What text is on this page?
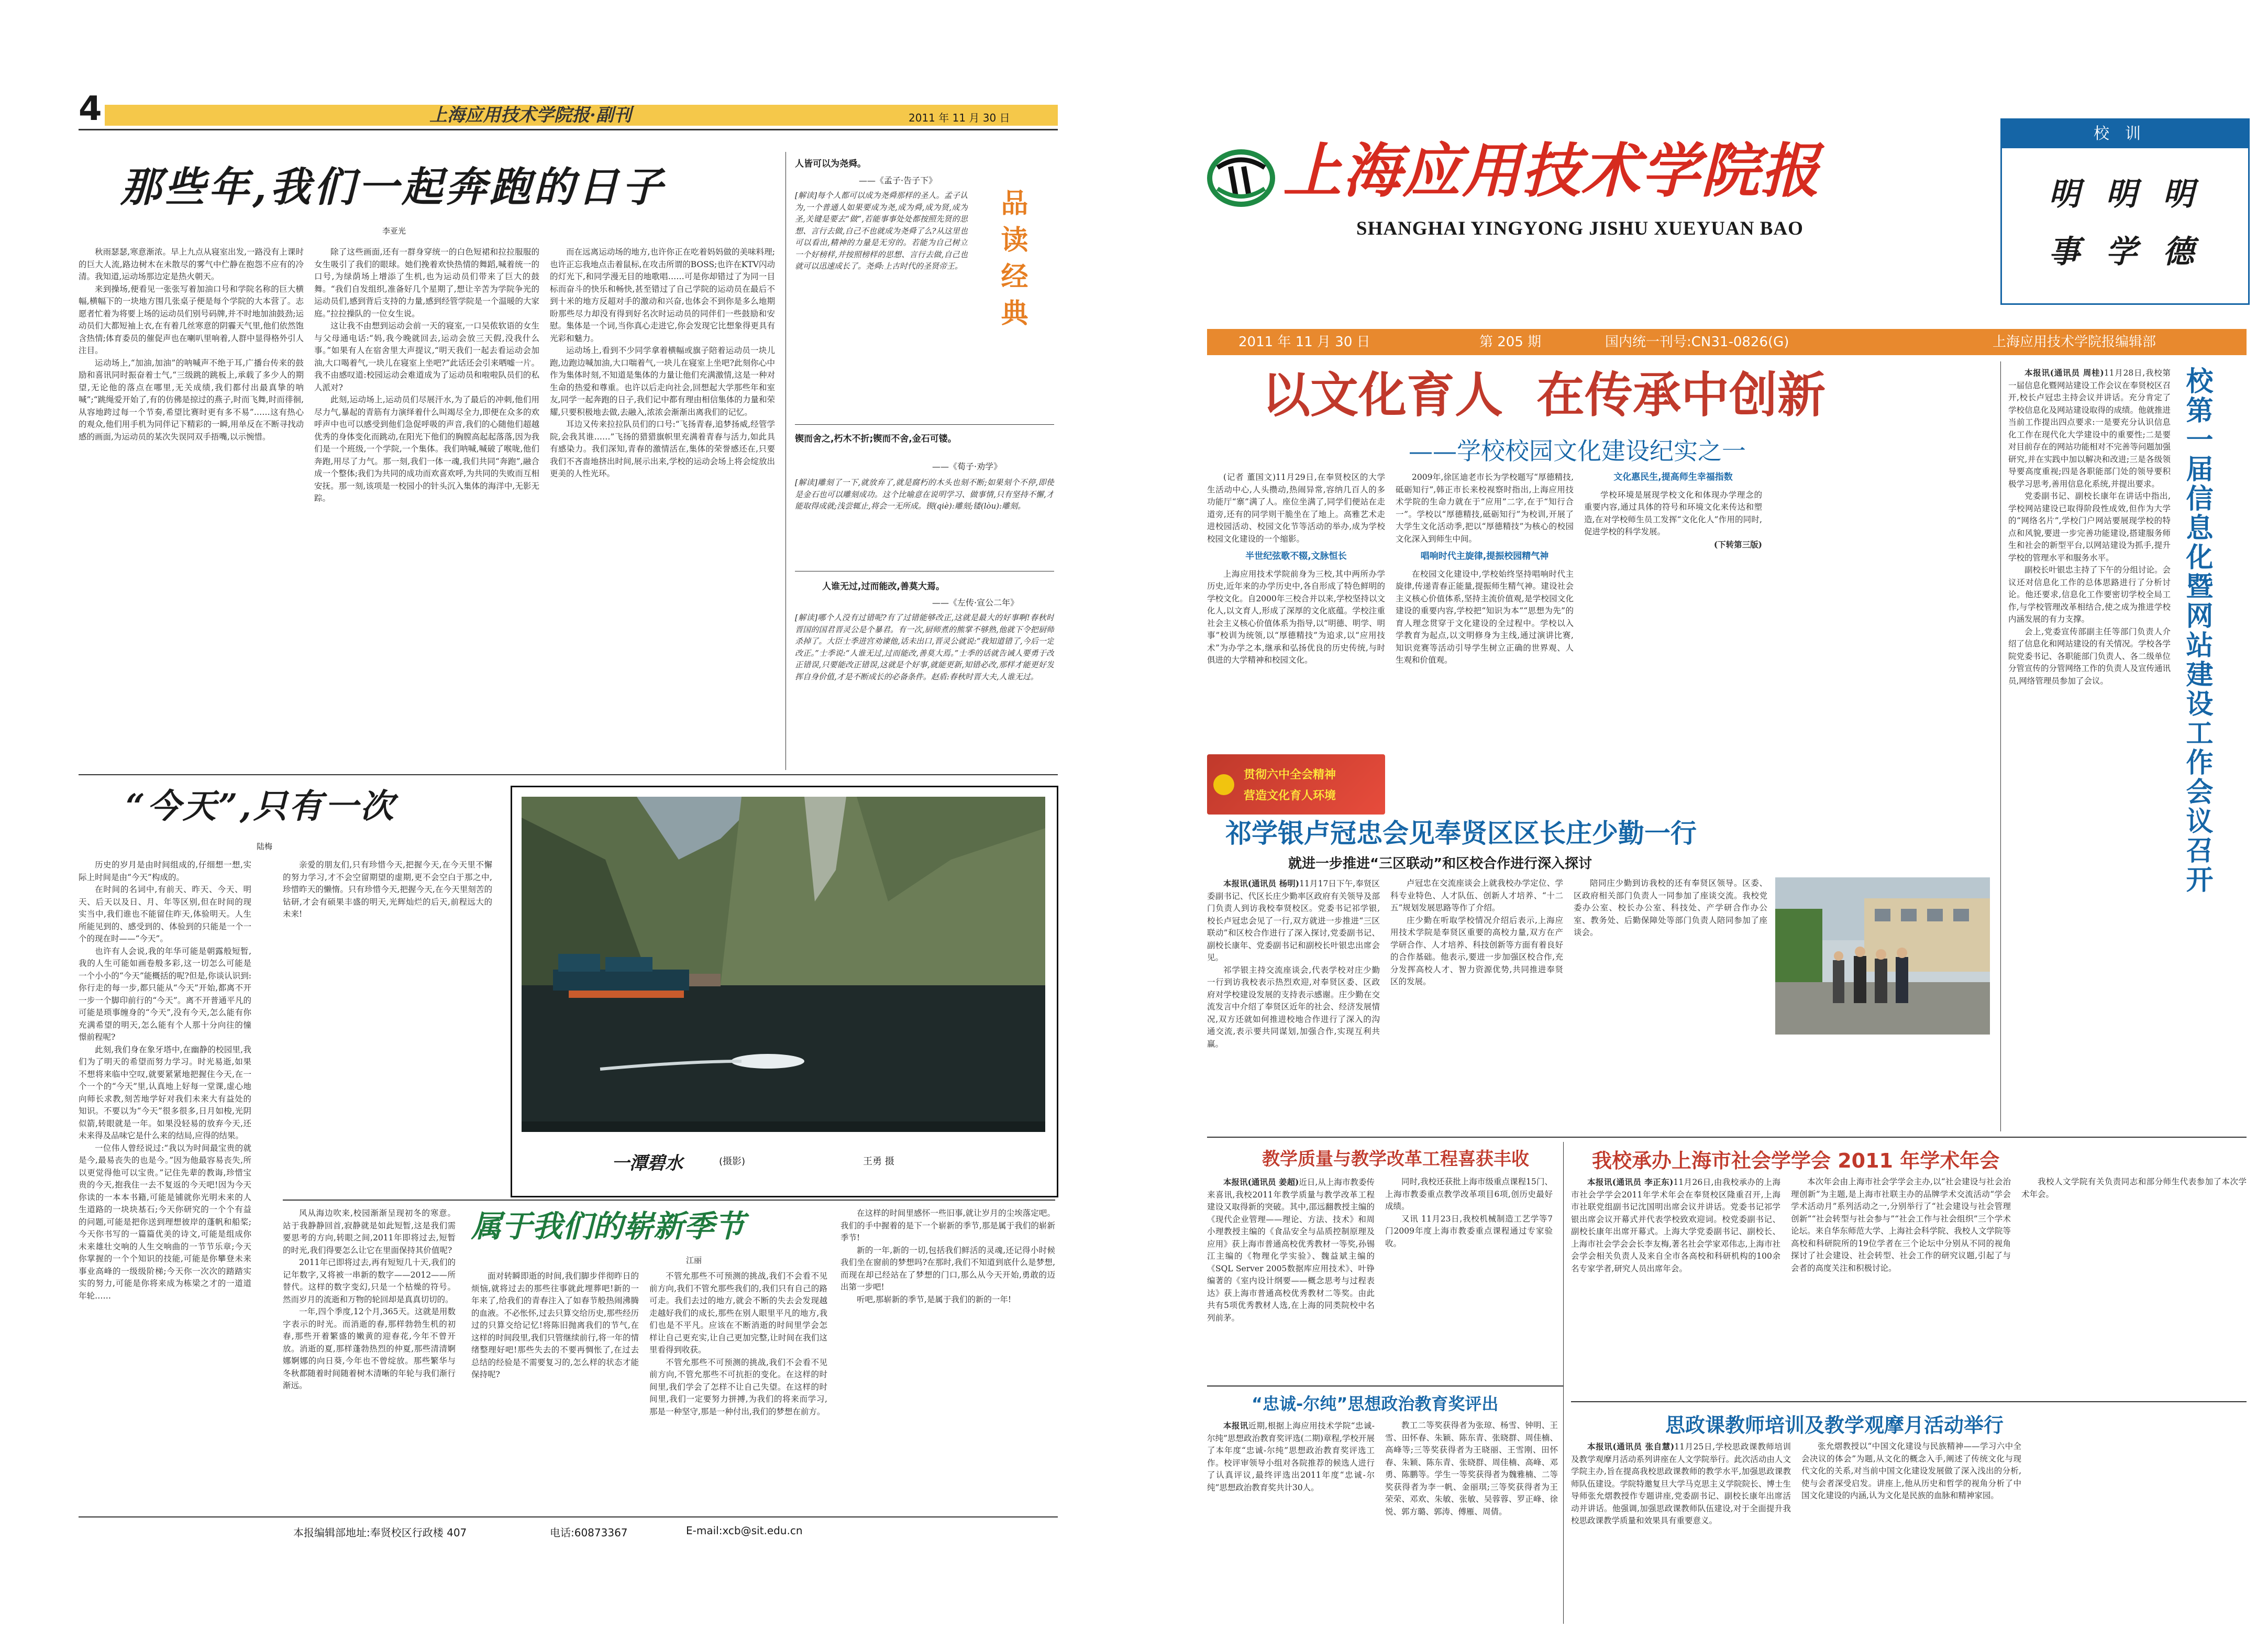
4	上海应用技术学院报·副刊	2011 年 11 月 30 日
那些年,我们一起奔跑的日子
李亚光

秋雨瑟瑟,寒意渐浓。早上九点从寝室出发,一路没有上课时的巨大人流,路边树木在未散尽的雾气中伫静在抱怨不应有的冷清。我知道,运动场那边定是热火朝天。

来到操场,便看见一张张写着加油口号和学院名称的巨大横幅,横幅下的一块地方围几张桌子便是每个学院的大本营了。志愿者忙着为将要上场的运动员们别号码牌,并不时地加油鼓劲;运动员们大都短袖上衣,在有着几丝寒意的阴霾天气里,他们依然饱含热情;体育委员的催促声也在喇叭里响着,人群中显得格外引人注目。

运动场上,“加油,加油”的呐喊声不绝于耳,广播台传来的鼓励和喜讯同时振奋着士气,“三级跳的跳板上,承载了多少人的期望,无论他的落点在哪里,无关成绩,我们都付出最真挚的呐喊”;“跳绳爱开始了,有的仿佛是掠过的燕子,时而飞舞,时而徘徊,从容地跨过每一个节奏,希望比赛时更有多不易”……这有热心的观众,他们用手机为同伴记下精彩的一瞬,用单反在不断寻找动感的画面,为运动员的某次失误同双手捂嘴,以示惋惜。

除了这些画面,还有一群身穿统一的白色短裙和拉拉服服的女生吸引了我们的眼球。她们挽着欢快热情的舞蹈,喊着统一的口号,为绿荫场上增添了生机,也为运动员们带来了巨大的鼓舞。“我们自发组织,准备好几个星期了,想让辛苦为学院争光的运动员们,感到背后支持的力量,感到经管学院是一个温暖的大家庭。”拉拉操队的一位女生说。

这让我不由想到运动会前一天的寝室,一口吴侬软语的女生与父母通电话:“妈,我今晚就回去,运动会放三天假,没我什么事。”如果有人在宿舍里大声提议,“明天我们一起去看运动会加油,大口喝着气,一块儿在寝室上坐吧?”此话还会引来哂嘘一片。我不由感叹道:校园运动会难道成为了运动员和啦啦队员们的私人派对?

此刻,运动场上,运动员们尽展汗水,为了最后的冲刺,他们用尽力气,暴起的青筋有力演绎着什么叫竭尽全力,即便在众多的欢呼声中也可以感受到他们急促呼吸的声音,我们的心随他们超越优秀的身体变化而跳动,在阳光下他们的胸膛高起起落落,因为我们是一个班级,一个学院,一个集体。我们呐喊,喊破了喉咙,他们奔跑,用尽了力气。那一刻,我们一体一魂,我们共同“奔跑”,融合成一个整体;我们为共同的成功而欢喜欢呼,为共同的失败而互相安抚。那一刻,该项是一校园小的针头沉入集体的海洋中,无影无踪。

而在远离运动场的地方,也许你正在吃着妈妈做的美味料理;也许正忘我地点击着鼠标,在攻击所谓的BOSS;也许在KTV闪动的灯光下,和同学漫无目的地歌唱……可是你却错过了为同一目标而奋斗的快乐和畅快,甚至错过了自己学院的运动员在最后不到十米的地方反超对手的激动和兴奋,也体会不到你是多么地期盼那些尽力却没有得到好名次时运动员的同伴们一些鼓励和安慰。集体是一个词,当你真心走进它,你会发现它比想象得更具有光彩和魅力。

运动场上,看到不少同学拿着横幅或旗子陪着运动员一块儿跑,边跑边喊加油,大口喘着气,一块儿在寝室上坐吧?此刻你心中作为集体时刻,不知道是集体的力量让他们充满激情,这是一种对生命的热爱和尊重。也许以后走向社会,回想起大学那些年和室友,同学一起奔跑的日子,我们记中都有理由相信集体的力量和荣耀,只要积极地去做,去融入,浓浓会渐渐出离我们的记忆。

耳边又传来拉拉队员们的口号:“飞扬青春,追梦扬威,经管学院,会我其谁……”飞扬的猎猎旗帜里充满着青春与活力,如此具有感染力。我们深知,青春的激情活在,集体的荣誉感还在,只要我们不吝啬地挤出时间,展示出来,学校的运动会场上将会绽放出更美的人性光环。

人皆可以为尧舜。
——《孟子·告子下》
[解读]每个人都可以成为尧舜那样的圣人。孟子认为,一个普通人如果要成为尧,成为舜,成为贤,成为圣,关键是要去“做”,若能事事处处都按照先贤的思想、言行去做,自己不也就成为尧舜了么?从这里也可以看出,精神的力量是无穷的。若能为自己树立一个好榜样,并按照榜样的思想、言行去做,自己也就可以迅速成长了。尧舜:上古时代的圣贤帝王。 品读经典
锲而舍之,朽木不折;锲而不舍,金石可镂。
——《荀子·劝学》
[解读]雕刻了一下,就放弃了,就是腐朽的木头也刻不断;如果刻个不停,即使是金石也可以雕刻成功。这个比喻意在说明学习、做事情,只有坚持不懈,才能取得成就;浅尝辄止,将会一无所成。锲(qiè):雕刻;镂(lòu):雕刻。
人谁无过,过而能改,善莫大焉。
——《左传·宣公二年》
[解读]哪个人没有过错呢?有了过错能够改正,这就是最大的好事啊!春秋时晋国的国君晋灵公是个暴君。有一次,厨师煮的熊掌不够熟,他就下令把厨师杀掉了。大臣士季进宫劝谏他,话未出口,晋灵公就说:“我知道错了,今后一定改正。”士季说:“人谁无过,过而能改,善莫大焉。”士季的话就告诫人要勇于改正错误,只要能改正错误,这就是个好事,就能更新,知错必改,那样才能更好发挥自身价值,才是不断成长的必备条件。赵盾:春秋时晋大夫,人谁无过。
“今天”,只有一次
陆梅

历史的岁月是由时间组成的,仔细想一想,实际上时间是由“今天”构成的。

在时间的名词中,有前天、昨天、今天、明天、后天以及日、月、年等区别,但在时间的现实当中,我们谁也不能留住昨天,体验明天。人生所能见到的、感受到的、体验到的只能是一个一个的现在时——“今天”。

也许有人会说,我的年华可能是朝露般短暂,我的人生可能如画卷般多彩,这一切怎么可能是一个小小的“今天”能概括的呢?但是,你谈认识到:你行走的每一步,都只能从“今天”开始,都离不开一步一个脚印前行的“今天”。离不开普通平凡的可能是琐事缠身的“今天”,没有今天,怎么能有你充满希望的明天,怎么能有个人那十分向往的憧憬前程呢?

此刻,我们身在象牙塔中,在幽静的校园里,我们为了明天的希望而努力学习。时光易逝,如果不想将来临中空叹,就要紧紧地把握住今天,在一个一个的“今天”里,认真地上好每一堂课,虚心地向师长求教,刻苦地学好对我们未来大有益处的知识。不要以为“今天”很多很多,日月如梭,光阴似箭,转眼就是一年。如果没轻易的放弃今天,还未来得及品味它是什么来的结局,应得的结果。

一位伟人曾经说过:“我以为时间最宝贵的就是今,最易丧失的也是今。”因为他最容易丧失,所以更觉得他可以宝贵。”记住先辈的教诲,珍惜宝贵的今天,抱我住一去不复返的今天吧!因为今天你读的一本本书籍,可能是铺就你光明未来的人生道路的一块块基石;今天你研究的一个个有益的问题,可能是把你送到理想彼岸的蓬帆和船桨;今天你书写的一篇篇优美的诗文,可能是组成你未来雄壮交响的人生交响曲的一节节乐章;今天你掌握的一个个知识的技能,可能是你攀登未来事业高峰的一级级阶梯;今天你一次次的踏踏实实的努力,可能是你将来成为栋梁之才的一道道年轮……

亲爱的朋友们,只有珍惜今天,把握今天,在今天里不懈的努力学习,才不会空留期望的虚期,更不会空白于那之中,珍惜昨天的懒惰。只有珍惜今天,把握今天,在今天里刻苦的钻研,才会有硕果丰盛的明天,光辉灿烂的后天,前程远大的未来!

一潭碧水	(摄影)	王勇 摄

风从海边吹来,校园渐渐呈现初冬的寒意。站于我静静回首,寂静就是如此短暂,这是我们需要思考的方向,转眼之间,2011年即将过去,短暂的时光,我们得要怎么让它在里面保持其价值呢?

2011年已即将过去,再有短短几十天,我们的记年数字,又将被一串新的数字——2012——所替代。这样的数字变幻,只是一个枯燥的符号。然而岁月的流逝和万物的轮回却是真真切切的。

一年,四个季度,12个月,365天。这就是用数字表示的时光。而消逝的春,那样勃勃生机的初春,那些开着繁盛的嫩黄的迎春花,今年不曾开放。消逝的夏,那样蓬勃热烈的仲夏,那些清清婀娜婀娜的向日葵,今年也不曾绽放。那些繁华与冬秋都随着时间随着树木清晰的年轮与我们渐行渐远。

属于我们的崭新季节
江丽

面对转瞬即逝的时间,我们脚步伴彻昨日的烦恼,就将过去的那些往事就此埋葬吧!新的一年来了,给我们的青春注入了如春节般热闹沸腾的血液。不必怅怀,过去只算交给历史,那些经历过的只算交给记忆!将陈旧抛离我们的节气,在这样的时间段里,我们只管继续前行,将一年的情绪整理好吧!那些失去的不要再惆怅了,在过去总结的经验是不需要复习的,怎么样的状态才能保持呢?

不管允那些不可预测的挑战,我们不会看不见前方向,我们不管允那些我们的,我们只有自己的路可走。我们去过的地方,就会不断的失去会发现越走越好我们的成长,那些在别人眼里平凡的地方,我们也是不平凡。应该在不断消逝的时间里学会怎样让自己更充实,让自己更加完整,让时间在我们这里看得到收获。

不管允那些不可预测的挑战,我们不会看不见前方向,不管允那些不可抗拒的变化。在这样的时间里,我们学会了怎样不让自己失望。在这样的时间里,我们一定要努力拼搏,为我们的将来而学习,那是一种坚守,那是一种付出,我们的梦想在前方。

在这样的时间里感怀一些旧事,就让岁月的尘埃落定吧。我们的手中握着的是下一个崭新的季节,那是属于我们的崭新季节!

新的一年,新的一切,包括我们鲜活的灵魂,还记得小时候我们坐在窗前的梦想吗?在那时,我们不知道到底什么是梦想,而现在却已经站在了梦想的门口,那么从今天开始,勇敢的迈出第一步吧!

听吧,那崭新的季节,是属于我们的新的一年!

本报编辑部地址:奉贤校区行政楼 407	电话:60873367	E-mail:xcb@sit.edu.cn
上海应用技术学院报
SHANGHAI YINGYONG JISHU XUEYUAN BAO
校训
明 明 明
事 学 德
2011 年 11 月 30 日	第 205 期	国内统一刊号:CN31-0826(G)	上海应用技术学院报编辑部
以文化育人  在传承中创新
——学校校园文化建设纪实之一

(记者 董国文)11月29日,在奉贤校区的大学生活动中心,人头攒动,热闹异常,容纳几百人的多功能厅“寨”满了人。座位坐满了,同学们便站在走道旁,还有的同学则干脆坐在了地上。高雅艺术走进校园活动、校园文化节等活动的举办,成为学校校园文化建设的一个缩影。

半世纪弦歌不辍,文脉恒长

上海应用技术学院前身为三校,其中两所办学历史,近年来的办学历史中,各自形成了特色鲜明的学校文化。自2000年三校合并以来,学校坚持以文化人,以文育人,形成了深厚的文化底蕴。学校注重社会主义核心价值体系为指导,以“明德、明学、明事”校训为统领,以“厚德精技”为追求,以“应用技术”为办学之本,继承和弘扬优良的历史传统,与时俱进的大学精神和校园文化。

贯彻六中全会精神
营造文化育人环境

2009年,徐匡迪老市长为学校题写“厚德精技,砥砺知行”,韩正市长来校视察时指出,上海应用技术学院的生命力就在于“应用”二字,在于“知行合一”。学校以“厚德精技,砥砺知行”为校训,开展了大学生文化活动季,把以“厚德精技”为核心的校园文化深入到师生中间。

唱响时代主旋律,提振校园精气神

在校园文化建设中,学校始终坚持唱响时代主旋律,传递青春正能量,提振师生精气神。建设社会主义核心价值体系,坚持主流价值观,是学校园文化建设的重要内容,学校把“知识为本”“思想为先”的育人理念贯穿于文化建设的全过程中。学校以入学教育为起点,以文明修身为主线,通过演讲比赛,知识竞赛等活动引导学生树立正确的世界观、人生观和价值观。

文化惠民生,提高师生幸福指数

学校环境是展现学校文化和体现办学理念的重要内容,通过具体的符号和环境文化来传达和塑造,在对学校师生员工发挥“文化化人”作用的同时,促进学校的科学发展。

(下转第三版)

本报讯(通讯员 周桂)11月28日,我校第一届信息化暨网站建设工作会议在奉贤校区召开,校长卢冠忠主持会议并讲话。充分肯定了学校信息化及网站建设取得的成绩。他就推进当前工作提出四点要求:一是要充分认识信息化工作在现代化大学建设中的重要性;二是要对目前存在的网站功能相对不完善等问题加强研究,并在实践中加以解决和改进;三是各级领导要高度重视;四是各职能部门处的领导要积极学习思考,善用信息化系统,并提出要求。

党委副书记、副校长康年在讲话中指出,学校网站建设已取得阶段性成效,但作为大学的“网络名片”,学校门户网站要展现学校的特点和风貌,要进一步完善功能建设,搭建服务师生和社会的新型平台,以网站建设为抓手,提升学校的管理水平和服务水平。

副校长叶银忠主持了下午的分组讨论。会议还对信息化工作的总体思路进行了分析讨论。他还要求,信息化工作要密切学校全局工作,与学校管理改革相结合,使之成为推进学校内涵发展的有力支撑。

会上,党委宣传部副主任等部门负责人介绍了信息化和网站建设的有关情况。学校各学院党委书记、各职能部门负责人、各二级单位分管宣传的分管网络工作的负责人及宣传通讯员,网络管理员参加了会议。	校第一届信息化暨网站建设工作会议召开
祁学银卢冠忠会见奉贤区区长庄少勤一行
就进一步推进“三区联动”和区校合作进行深入探讨

本报讯(通讯员 杨明)11月17日下午,奉贤区委副书记、代区长庄少勤率区政府有关领导及部门负责人到访我校奉贤校区。党委书记祁学银,校长卢冠忠会见了一行,双方就进一步推进“三区联动”和区校合作进行了深入探讨,党委副书记、副校长康年、党委副书记和副校长叶银忠出席会见。

祁学银主持交流座谈会,代表学校对庄少勤一行到访我校表示热烈欢迎,对奉贤区委、区政府对学校建设发展的支持表示感谢。庄少勤在交流发言中介绍了奉贤区近年的社会、经济发展情况,双方还就如何推进校地合作进行了深入的沟通交流,表示要共同谋划,加强合作,实现互利共赢。

卢冠忠在交流座谈会上就我校办学定位、学科专业特色、人才队伍、创新人才培养、“十二五”规划发展思路等作了介绍。

庄少勤在听取学校情况介绍后表示,上海应用技术学院是奉贤区重要的高校力量,双方在产学研合作、人才培养、科技创新等方面有着良好的合作基础。他表示,要进一步加强区校合作,充分发挥高校人才、智力资源优势,共同推进奉贤区的发展。

陪同庄少勤到访我校的还有奉贤区领导。区委、区政府相关部门负责人一同参加了座谈交流。我校党委办公室、校长办公室、科技处、产学研合作办公室、教务处、后勤保障处等部门负责人陪同参加了座谈会。

教学质量与教学改革工程喜获丰收

本报讯(通讯员 姜超)近日,从上海市教委传来喜讯,我校2011年教学质量与教学改革工程建设又取得新的突破。其中,邵远翻教授主编的《现代企业管理——理论、方法、技术》和周小理教授主编的《食品安全与品质控制原理及应用》获上海市普通高校优秀教材一等奖,孙锡江主编的《物理化学实验》、魏益斌主编的《SQL Server 2005数据库应用技术》、叶铮编著的《室内设计纲要——概念思考与过程表达》获上海市普通高校优秀教材二等奖。由此共有5项优秀教材人选,在上海的同类院校中名列前茅。

同时,我校还获批上海市级重点课程15门、上海市教委重点教学改革项目6项,创历史最好成绩。

又讯 11月23日,我校机械制造工艺学等7门2009年度上海市教委重点课程通过专家验收。

我校承办上海市社会学学会 2011 年学术年会

本报讯(通讯员 李正东)11月26日,由我校承办的上海市社会学学会2011年学术年会在奉贤校区隆重召开,上海市社联党组副书记沈国明出席会议并讲话。党委书记祁学银出席会议开幕式并代表学校致欢迎词。校党委副书记、副校长康年出席开幕式。上海大学党委副书记、副校长、上海市社会学会会长李友梅,著名社会学家邓伟志,上海市社会学会相关负责人及来自全市各高校和科研机构的100余名专家学者,研究人员出席年会。

本次年会由上海市社会学学会主办,以“社会建设与社会治理创新”为主题,是上海市社联主办的品牌学术交流活动“学会学术活动月”系列活动之一,分别举行了“社会建设与社会管理创新”“社会转型与社会参与”“社会工作与社会组织”三个学术论坛。来自华东师范大学、上海社会科学院、我校人文学院等高校和科研院所的19位学者在三个论坛中分别从不同的视角探讨了社会建设、社会转型、社会工作的研究议题,引起了与会者的高度关注和积极讨论。

我校人文学院有关负责同志和部分师生代表参加了本次学术年会。

“忠诚-尔纯”思想政治教育奖评出

本报讯近期,根据上海应用技术学院“忠诚-尔纯”思想政治教育奖评选(二期)章程,学校开展了本年度“忠诚-尔纯”思想政治教育奖评选工作。校评审领导小组对各院推荐的候选人进行了认真评议,最终评选出2011年度“忠诚-尔纯”思想政治教育奖共计30人。

教工二等奖获得者为张琼、杨雪、钟明、王雪、田怀春、朱颖、陈东青、张晓群、周佳楠、高峰等;三等奖获得者为王晓丽、王雪刚、田怀春、朱颖、陈东青、张晓群、周佳楠、高峰、邓勇、陈鹏等。学生一等奖获得者为魏雅楠、二等奖获得者为李一帆、金丽琪;三等奖获得者为王荣荣、邓欢、朱敏、张敏、吴蓉蓉、罗正峰、徐悦、郭方璐、郭涛、傅雁、周倩。

思政课教师培训及教学观摩月活动举行

本报讯(通讯员 张自慧)11月25日,学校思政课教师培训及教学观摩月活动系列讲座在人文学院举行。此次活动由人文学院主办,旨在提高我校思政课教师的教学水平,加强思政课教师队伍建设。学院特邀复旦大学马克思主义学院院长、博士生导师张允熠教授作专题讲座,党委副书记、副校长康年出席活动并讲话。他强调,加强思政课教师队伍建设,对于全面提升我校思政课教学质量和效果具有重要意义。

张允熠教授以“中国文化建设与民族精神——学习六中全会决议的体会”为题,从文化的概念入手,阐述了传统文化与现代文化的关系,对当前中国文化建设发展做了深入浅出的分析,使与会者深受启发。讲座上,他从历史和哲学的视角分析了中国文化建设的内涵,认为文化是民族的血脉和精神家园。
